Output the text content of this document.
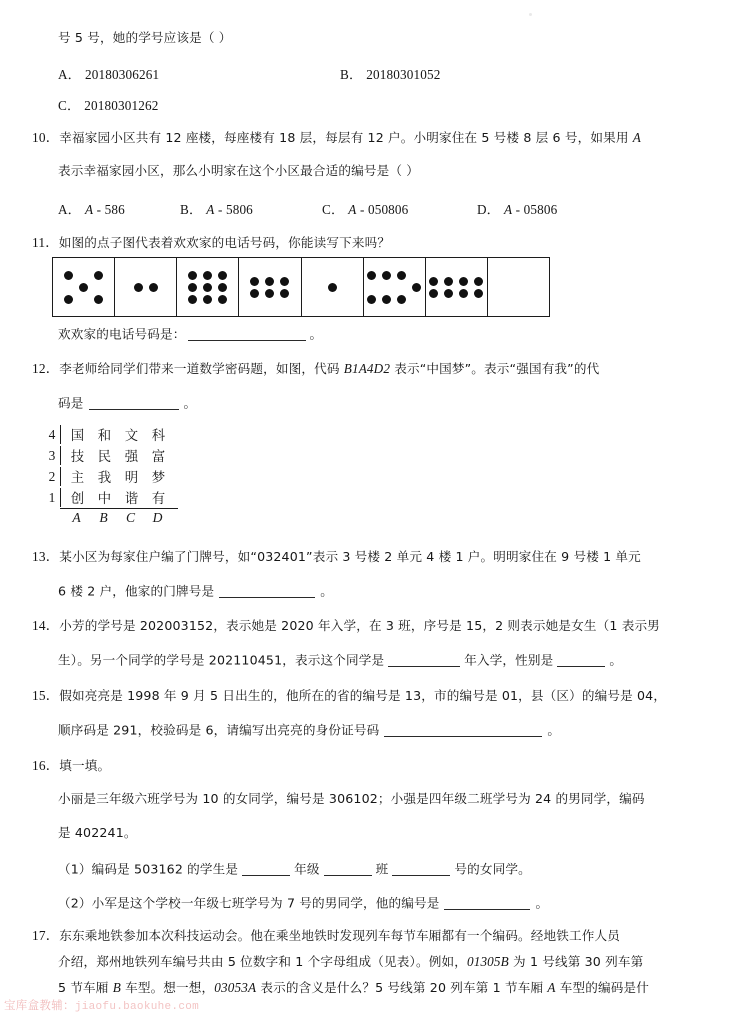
号 5 号，她的学号应该是（ ）
A． 20180306261	B． 20180301052
C． 20180301262
10．幸福家园小区共有 12 座楼，每座楼有 18 层，每层有 12 户。小明家住在 5 号楼 8 层 6 号，如果用 A
表示幸福家园小区，那么小明家在这个小区最合适的编号是（ ）
A． A - 586	B． A - 5806	C． A - 050806	D． A - 05806
11．如图的点子图代表着欢欢家的电话号码，你能读写下来吗？
欢欢家的电话号码是：	。
12．李老师给同学们带来一道数学密码题，如图，代码 B1A4D2 表示“中国梦”。表示“强国有我”的代
码是	。
4	国	和	文	科
3	技	民	强	富
2	主	我	明	梦
1	创	中	谐	有
A	B	C	D
13．某小区为每家住户编了门牌号，如“032401”表示 3 号楼 2 单元 4 楼 1 户。明明家住在 9 号楼 1 单元
6 楼 2 户，他家的门牌号是	。
14．小芳的学号是 202003152，表示她是 2020 年入学，在 3 班，序号是 15，2 则表示她是女生（1 表示男
生）。另一个同学的学号是 202110451，表示这个同学是	年入学，性别是	。
15．假如亮亮是 1998 年 9 月 5 日出生的，他所在的省的编号是 13，市的编号是 01，县（区）的编号是 04，
顺序码是 291，校验码是 6，请编写出亮亮的身份证号码	。
16．填一填。
小丽是三年级六班学号为 10 的女同学，编号是 306102；小强是四年级二班学号为 24 的男同学，编码
是 402241。
（1）编码是 503162 的学生是	年级	班	号的女同学。
（2）小军是这个学校一年级七班学号为 7 号的男同学，他的编号是	。
17．东东乘地铁参加本次科技运动会。他在乘坐地铁时发现列车每节车厢都有一个编码。经地铁工作人员
介绍，郑州地铁列车编号共由 5 位数字和 1 个字母组成（见表）。例如，01305B 为 1 号线第 30 列车第
5 节车厢 B 车型。想一想，03053A 表示的含义是什么？5 号线第 20 列车第 1 节车厢 A 车型的编码是什
宝库盒教辅：jiaofu.baokuhe.com
